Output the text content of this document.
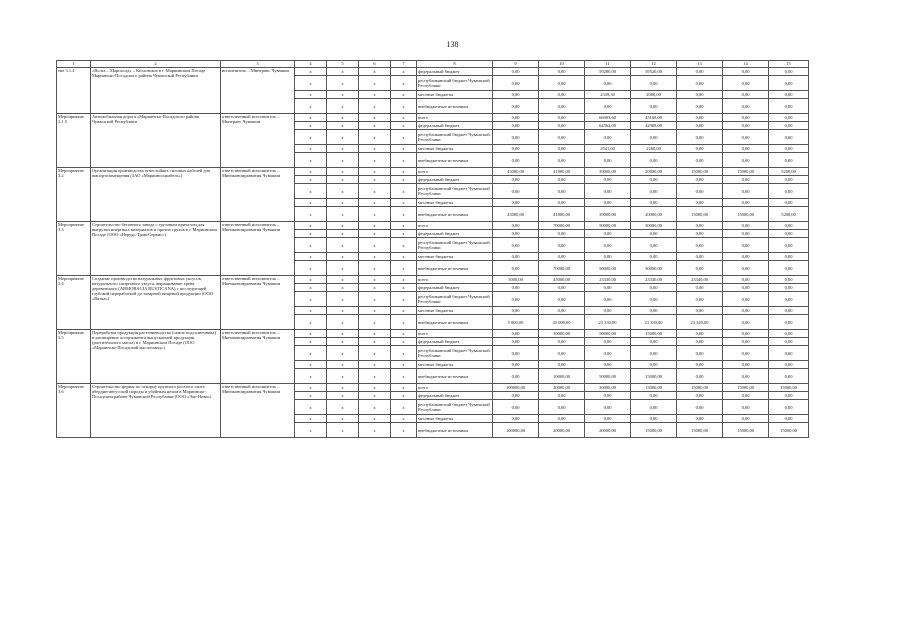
138
1	2	3	4	5	6	7	8	9	10	11	12	13	14	15
тие 3.1.4	«Волга – Марпосад» – Козловское в г. Мариинском Посаде Мариинско-Посадского района Чувашской Республики	исполнитель – Минтранс Чувашии	x	x	x	x	федеральный бюджет	0,00	0,00	59280,00	39520,00	0,00	0,00	0,00
			x	x	x	x	республиканский бюджет Чувашской Республики	0,00	0,00	0,00	0,00	0,00	0,00	0,00
			x	x	x	x	местные бюджеты	0,00	0,00	2339,30	2080,00	0,00	0,00	0,00
			x	x	x	x	внебюджетные источники	0,00	0,00	0,00	0,00	0,00	0,00	0,00
Мероприятие 3.1.5	Автомобильная дорога «Мариинско-Посадского района Чувашской Республики	ответственный исполнитель – Минтранс Чувашии	x	x	x	x	всего	0,00	0,00	66903,60	45168,00	0,00	0,00	0,00
			x	x	x	x	федеральный бюджет	0,00	0,00	64362,00	42908,00	0,00	0,00	0,00
			x	x	x	x	республиканский бюджет Чувашской Республики	0,00	0,00	0,00	0,00	0,00	0,00	0,00
			x	x	x	x	местные бюджеты	0,00	0,00	2541,60	2260,00	0,00	0,00	0,00
			x	x	x	x	внебюджетные источники	0,00	0,00	0,00	0,00	0,00	0,00	0,00
Мероприятие 3.2	Организация производства огнестойких силовых кабелей для импортозамещения (ЗАО «Мариинсоцкабель»)	ответственный исполнитель – Минэкономразвития Чувашии	x	x	x	x	всего	43000,00	41800,00	39000,00	20000,00	15000,00	15000,00	5200,00
			x	x	x	x	федеральный бюджет	0,00	0,00	0,00	0,00	0,00	0,00	0,00
			x	x	x	x	республиканский бюджет Чувашской Республики	0,00	0,00	0,00	0,00	0,00	0,00	0,00
			x	x	x	x	местные бюджеты	0,00	0,00	0,00	0,00	0,00	0,00	0,00
			x	x	x	x	внебюджетные источники	43000,00	41800,00	39000,00	20000,00	15000,00	15000,00	5200,00
Мероприятие 3.3	Строительство бетонного завода с грузовым причалом для выгрузки инертных материалов и прочих грузов в г. Мариинском Посаде (ООО «Нерудь-ТрансСервис»)	ответственный исполнитель – Минэкономразвития Чувашии	x	x	x	x	всего	0,00	70000,00	50000,00	30000,00	0,00	0,00	0,00
			x	x	x	x	федеральный бюджет	0,00	0,00	0,00	0,00	0,00	0,00	0,00
			x	x	x	x	республиканский бюджет Чувашской Республики	0,00	0,00	0,00	0,00	0,00	0,00	0,00
			x	x	x	x	местные бюджеты	0,00	0,00	0,00	0,00	0,00	0,00	0,00
			x	x	x	x	внебюджетные источники	0,00	70000,00	50000,00	30000,00	0,00	0,00	0,00
Мероприятие 3.4	Создание производства натуральных фруктовых уксусов, натурального спиртового уксуса, выращивание хрена деревенского (ARMORACIA RUSTICANA) с последующей глубокой переработкой до товарной пищевой продукции (ООО «Вятка»)	ответственный исполнитель – Минэкономразвития Чувашии	x	x	x	x	всего	5000,00	45000,00	23330,00	23330,00	23340,00	0,00	0,00
			x	x	x	x	федеральный бюджет	0,00	0,00	0,00	0,00	0,00	0,00	0,00
			x	x	x	x	республиканский бюджет Чувашской Республики	0,00	0,00	0,00	0,00	0,00	0,00	0,00
			x	x	x	x	местные бюджеты	0,00	0,00	0,00	0,00	0,00	0,00	0,00
			x	x	x	x	внебюджетные источники	5 000,00	45 000,00	23 330,00	23 330,00	23 340,00	0,00	0,00
Мероприятие 3.5	Переработка продукции растениеводства (самое подсолнечника) и расширение ассортимента выпускаемой продукции (растительного масла) в г. Мариинском Посаде (ООО «Мариинско-Посадский маслозавод»)	ответственный исполнитель – Минэкономразвития Чувашии	x	x	x	x	всего	0,00	10000,00	50000,00	15000,00	0,00	0,00	0,00
			x	x	x	x	федеральный бюджет	0,00	0,00	0,00	0,00	0,00	0,00	0,00
			x	x	x	x	республиканский бюджет Чувашской Республики	0,00	0,00	0,00	0,00	0,00	0,00	0,00
			x	x	x	x	местные бюджеты	0,00	0,00	0,00	0,00	0,00	0,00	0,00
			x	x	x	x	внебюджетные источники	0,00	10000,00	50000,00	15000,00	0,00	0,00	0,00
Мероприятие 3.6	Строительство фермы по откорму крупного рогатого скота абердин-ангусской породы и убойным цехом в Мариинско-Посадском районе Чувашской Республики (ООО «Эко-Нива»)	ответственный исполнитель – Минэкономразвития Чувашии	x	x	x	x	всего	100000,00	20000,00	20000,00	15000,00	15000,00	15000,00	15000,00
			x	x	x	x	федеральный бюджет	0,00	0,00	0,00	0,00	0,00	0,00	0,00
			x	x	x	x	республиканский бюджет Чувашской Республики	0,00	0,00	0,00	0,00	0,00	0,00	0,00
			x	x	x	x	местные бюджеты	0,00	0,00	0,00	0,00	0,00	0,00	0,00
			x	x	x	x	внебюджетные источники	100000,00	20000,00	20000,00	15000,00	15000,00	15000,00	15000,00
